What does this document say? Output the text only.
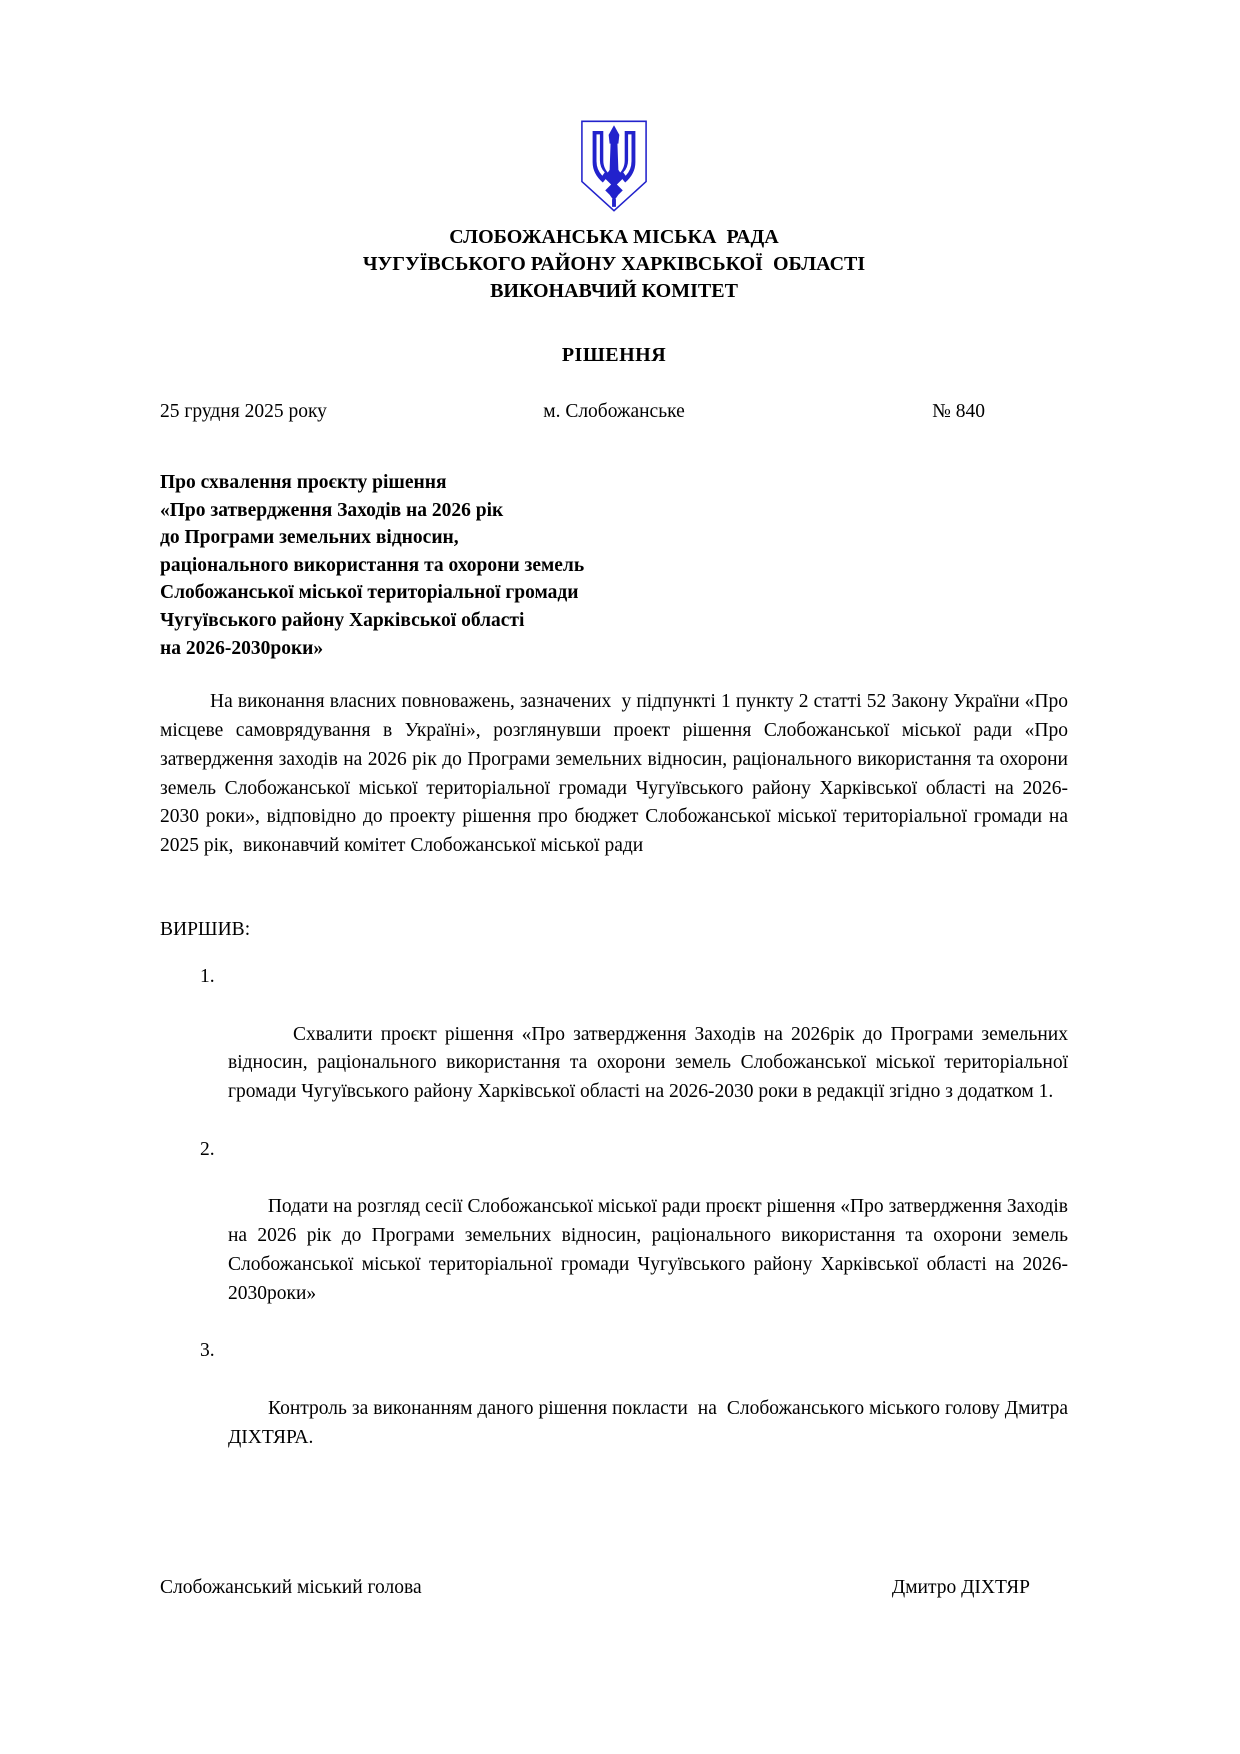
СЛОБОЖАНСЬКА МІСЬКА  РАДА
ЧУГУЇВСЬКОГО РАЙОНУ ХАРКІВСЬКОЇ  ОБЛАСТІ
ВИКОНАВЧИЙ КОМІТЕТ
РІШЕННЯ
25 грудня 2025 року	м. Слобожанське	№ 840
Про схвалення проєкту рішення
«Про затвердження Заходів на 2026 рік
до Програми земельних відносин,
раціонального використання та охорони земель
Слобожанської міської територіальної громади
Чугуївського району Харківської області
на 2026-2030роки»

На виконання власних повноважень, зазначених  у підпункті 1 пункту 2 статті 52 Закону України «Про місцеве самоврядування в Україні», розглянувши проект рішення Слобожанської міської ради «Про затвердження заходів на 2026 рік до Програми земельних відносин, раціонального використання та охорони земель Слобожанської міської територіальної громади Чугуївського району Харківської області на 2026-2030 роки», відповідно до проекту рішення про бюджет Слобожанської міської територіальної громади на 2025 рік,  виконавчий комітет Слобожанської міської ради

ВИРШИВ:

1.

Схвалити проєкт рішення «Про затвердження Заходів на 2026рік до Програми земельних відносин, раціонального використання та охорони земель Слобожанської міської територіальної громади Чугуївського району Харківської області на 2026-2030 роки в редакції згідно з додатком 1.

2.

Подати на розгляд сесії Слобожанської міської ради проєкт рішення «Про затвердження Заходів на 2026 рік до Програми земельних відносин, раціонального використання та охорони земель Слобожанської міської територіальної громади Чугуївського району Харківської області на 2026-2030роки»

3.

Контроль за виконанням даного рішення покласти  на  Слобожанського міського голову Дмитра ДІХТЯРА.

Слобожанський міський голова	Дмитро ДІХТЯР
